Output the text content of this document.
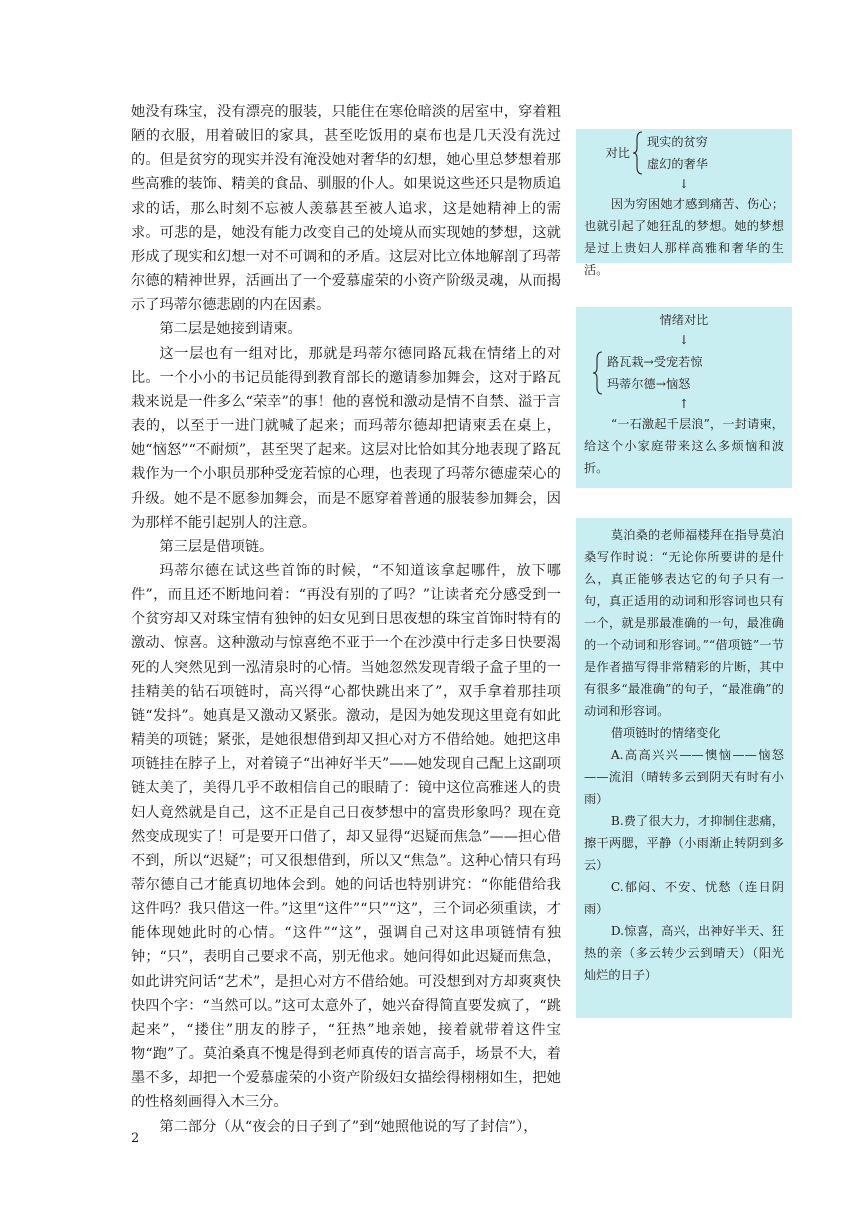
她没有珠宝，没有漂亮的服装，只能住在寒伧暗淡的居室中，穿着粗陋的衣服，用着破旧的家具，甚至吃饭用的桌布也是几天没有洗过的。但是贫穷的现实并没有淹没她对奢华的幻想，她心里总梦想着那些高雅的装饰、精美的食品、驯服的仆人。如果说这些还只是物质追求的话，那么时刻不忘被人羡慕甚至被人追求，这是她精神上的需求。可悲的是，她没有能力改变自己的处境从而实现她的梦想，这就形成了现实和幻想一对不可调和的矛盾。这层对比立体地解剖了玛蒂尔德的精神世界，活画出了一个爱慕虚荣的小资产阶级灵魂，从而揭示了玛蒂尔德悲剧的内在因素。

第二层是她接到请柬。

这一层也有一组对比，那就是玛蒂尔德同路瓦栽在情绪上的对比。一个小小的书记员能得到教育部长的邀请参加舞会，这对于路瓦栽来说是一件多么“荣幸”的事！他的喜悦和激动是情不自禁、溢于言表的，以至于一进门就喊了起来；而玛蒂尔德却把请柬丢在桌上，她“恼怒”“不耐烦”，甚至哭了起来。这层对比恰如其分地表现了路瓦栽作为一个小职员那种受宠若惊的心理，也表现了玛蒂尔德虚荣心的升级。她不是不愿参加舞会，而是不愿穿着普通的服装参加舞会，因为那样不能引起别人的注意。

第三层是借项链。

玛蒂尔德在试这些首饰的时候，“不知道该拿起哪件，放下哪件”，而且还不断地问着：“再没有别的了吗？”让读者充分感受到一个贫穷却又对珠宝情有独钟的妇女见到日思夜想的珠宝首饰时特有的激动、惊喜。这种激动与惊喜绝不亚于一个在沙漠中行走多日快要渴死的人突然见到一泓清泉时的心情。当她忽然发现青缎子盒子里的一挂精美的钻石项链时，高兴得“心都快跳出来了”，双手拿着那挂项链“发抖”。她真是又激动又紧张。激动，是因为她发现这里竟有如此精美的项链；紧张，是她很想借到却又担心对方不借给她。她把这串项链挂在脖子上，对着镜子“出神好半天”——她发现自己配上这副项链太美了，美得几乎不敢相信自己的眼睛了：镜中这位高雅迷人的贵妇人竟然就是自己，这不正是自己日夜梦想中的富贵形象吗？现在竟然变成现实了！可是要开口借了，却又显得“迟疑而焦急”——担心借不到，所以“迟疑”；可又很想借到，所以又“焦急”。这种心情只有玛蒂尔德自己才能真切地体会到。她的问话也特别讲究：“你能借给我这件吗？我只借这一件。”这里“这件”“只”“这”，三个词必须重读，才能体现她此时的心情。“这件”“这”，强调自己对这串项链情有独钟；“只”，表明自己要求不高，别无他求。她问得如此迟疑而焦急，如此讲究问话“艺术”，是担心对方不借给她。可没想到对方却爽爽快快四个字：“当然可以。”这可太意外了，她兴奋得简直要发疯了，“跳起来”，“搂住”朋友的脖子，“狂热”地亲她，接着就带着这件宝物“跑”了。莫泊桑真不愧是得到老师真传的语言高手，场景不大，着墨不多，却把一个爱慕虚荣的小资产阶级妇女描绘得栩栩如生，把她的性格刻画得入木三分。

第二部分（从“夜会的日子到了”到“她照他说的写了封信”），

对比
现实的贫穷
虚幻的奢华
↓

因为穷困她才感到痛苦、伤心；也就引起了她狂乱的梦想。她的梦想是过上贵妇人那样高雅和奢华的生活。

情绪对比
↓
路瓦栽→受宠若惊
玛蒂尔德→恼怒
↑

“一石激起千层浪”，一封请柬，给这个小家庭带来这么多烦恼和波折。

莫泊桑的老师福楼拜在指导莫泊桑写作时说：“无论你所要讲的是什么，真正能够表达它的句子只有一句，真正适用的动词和形容词也只有一个，就是那最准确的一句，最准确的一个动词和形容词。”“借项链”一节是作者描写得非常精彩的片断，其中有很多“最准确”的句子，“最准确”的动词和形容词。

借项链时的情绪变化

A.高高兴兴——懊恼——恼怒——流泪（晴转多云到阴天有时有小雨）

B.费了很大力，才抑制住悲痛，擦干两腮，平静（小雨渐止转阴到多云）

C.郁闷、不安、忧愁（连日阴雨）

D.惊喜，高兴，出神好半天、狂热的亲（多云转少云到晴天）（阳光灿烂的日子）

2
